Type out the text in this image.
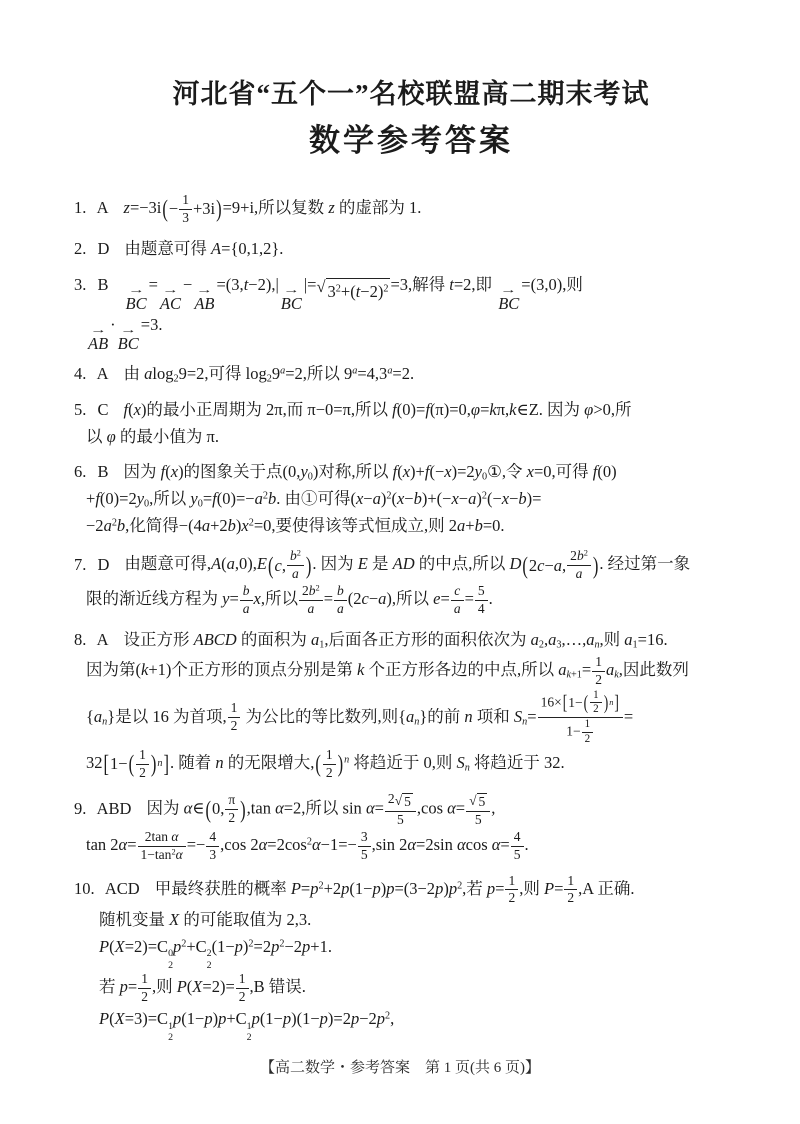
河北省“五个一”名校联盟高二期末考试
数学参考答案
1. A z=−3i ( − $\frac{1}{3} +3i$ ) =9+i,所以复数 z 的虚部为 1.
2. D 由题意可得 A={0,1,2}.
3. B →
BC
= →
AC
− →
AB
=(3,t−2),| →
BC
|= √ $3^2+(t-2)^2 =3$,解得 t=2,即 →
BC
=(3,0),则
→
AB
· →
BC
=3.
4. A 由 alog29=2,可得 $\log 29^a=2$,所以 $9^a=4,3^a=2$.
5. C f(x)的最小正周期为 2π,而 π−0=π,所以 f(0)=f(π)=0,φ=kπ,k∈Z. 因为 φ>0,所
以 φ 的最小值为 π.
6. B 因为 f(x)的图象关于点(0,y0)对称,所以 f(x)+f(−x)=2y0①,令 x=0,可得 f(0)
+f(0)=2y0,所以 $y0=f(0)=-a^2b$. 由①可得$(x-a)^2(x-b)+(-x-a)^2(-x-b)=$
$-2a^2b$,化简得$-(4a+2b)x^2=0$,要使得该等式恒成立,则 2a+b=0.
7. D 由题意可得,A(a,0),E ( c , $\frac{b^2}{a}$ ) . 因为 E 是 AD 的中点,所以 D ( 2 c − a , $\frac{2b^2}{a}$ ) . 经过第一象
限的渐近线方程为 $y= \frac{b}{a} x$,所以 $\frac{2b^2}{a} = \frac{b}{a} (2c-a)$,所以 $e= \frac{c}{a} = \frac{5}{4}$ .
8. A 设正方形 ABCD 的面积为 a1,后面各正方形的面积依次为 a2,a3,…,an,则 a1=16.
因为第(k+1)个正方形的顶点分别是第 k 个正方形各边的中点,所以 $ak+1= \frac{1}{2}$ ak,因此数列
{an}是以 16 为首项, $\frac{1}{2}$ 为公比的等比数列,则{an}的前 n 项和 $Sn= \frac{16\times [ 1- ( \frac{1}{2} ) n ]}{1- \frac{1}{2}}$ =
32 [ 1− ( $\frac{1}{2}$ ) n ] . 随着 n 的无限增大, ( $\frac{1}{2}$ ) $^n$ 将趋近于 0,则 Sn 将趋近于 32.
9. ABD 因为 α∈ ( 0, $\frac{\pi}{2}$ ) ,tan α=2,所以 $\sin \alpha= \frac{2 √ 5}{5} ,\cos$ $\alpha= \frac{√ 5}{5}$ ,
$\tan 2\alpha= \frac{\text{2tan α}}{1-\tan^2\alpha} =- \frac{4}{3} ,\cos$ $2\alpha=2\cos^2\alpha-1=- \frac{3}{5} ,\sin$ 2α=2sin αcos $\alpha= \frac{4}{5}$ .
10. ACD 甲最终获胜的概率 $P=p^2+2p(1-p)p=(3-2p)p^2$,若 $p= \frac{1}{2}$ ,则 $P= \frac{1}{2} ,A$ 正确.
随机变量 X 的可能取值为 2,3.
P(X=2)=C 0
2
$p^2+C$ 2
2
$(1-p)^2=2p^2-2p+1$.
若 $p= \frac{1}{2}$ ,则 $P(X=2)= \frac{1}{2} ,B$ 错误.
P(X=3)=C 1
2
p(1−p)p+C 1
2
$p(1-p)(1-p)=2p-2p^2$,
【高二数学・参考答案　第 1 页(共 6 页)】
